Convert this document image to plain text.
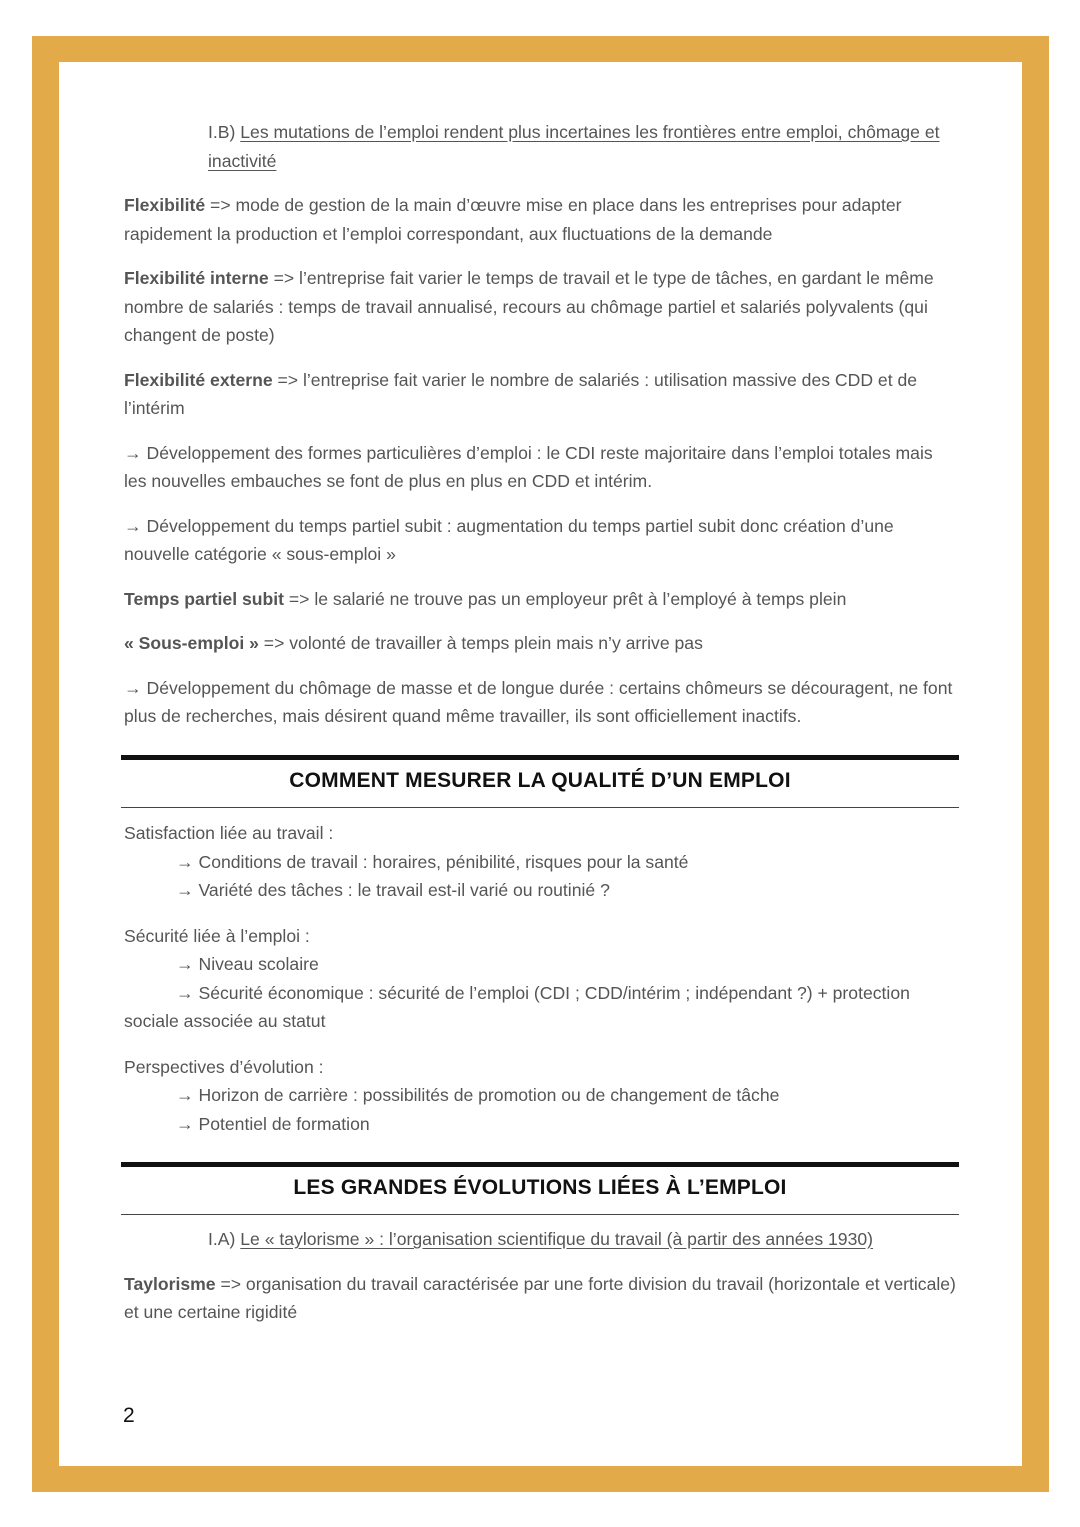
I.B) Les mutations de l’emploi rendent plus incertaines les frontières entre emploi, chômage et inactivité

Flexibilité => mode de gestion de la main d’œuvre mise en place dans les entreprises pour adapter rapidement la production et l’emploi correspondant, aux fluctuations de la demande

Flexibilité interne => l’entreprise fait varier le temps de travail et le type de tâches, en gardant le même nombre de salariés : temps de travail annualisé, recours au chômage partiel et salariés polyvalents (qui changent de poste)

Flexibilité externe => l’entreprise fait varier le nombre de salariés : utilisation massive des CDD et de l’intérim

→ Développement des formes particulières d’emploi : le CDI reste majoritaire dans l’emploi totales mais les nouvelles embauches se font de plus en plus en CDD et intérim.

→ Développement du temps partiel subit : augmentation du temps partiel subit donc création d’une nouvelle catégorie « sous-emploi »

Temps partiel subit => le salarié ne trouve pas un employeur prêt à l’employé à temps plein

« Sous-emploi » => volonté de travailler à temps plein mais n’y arrive pas

→ Développement du chômage de masse et de longue durée : certains chômeurs se découragent, ne font plus de recherches, mais désirent quand même travailler, ils sont officiellement inactifs.

COMMENT MESURER LA QUALITÉ D’UN EMPLOI
Satisfaction liée au travail :
→ Conditions de travail : horaires, pénibilité, risques pour la santé
→ Variété des tâches : le travail est-il varié ou routinié ?
Sécurité liée à l’emploi :
→ Niveau scolaire
→ Sécurité économique : sécurité de l’emploi (CDI ; CDD/intérim ; indépendant ?) + protection
sociale associée au statut
Perspectives d’évolution :
→ Horizon de carrière : possibilités de promotion ou de changement de tâche
→ Potentiel de formation
LES GRANDES ÉVOLUTIONS LIÉES À L’EMPLOI

I.A) Le « taylorisme » : l’organisation scientifique du travail (à partir des années 1930)

Taylorisme => organisation du travail caractérisée par une forte division du travail (horizontale et verticale) et une certaine rigidité

2
